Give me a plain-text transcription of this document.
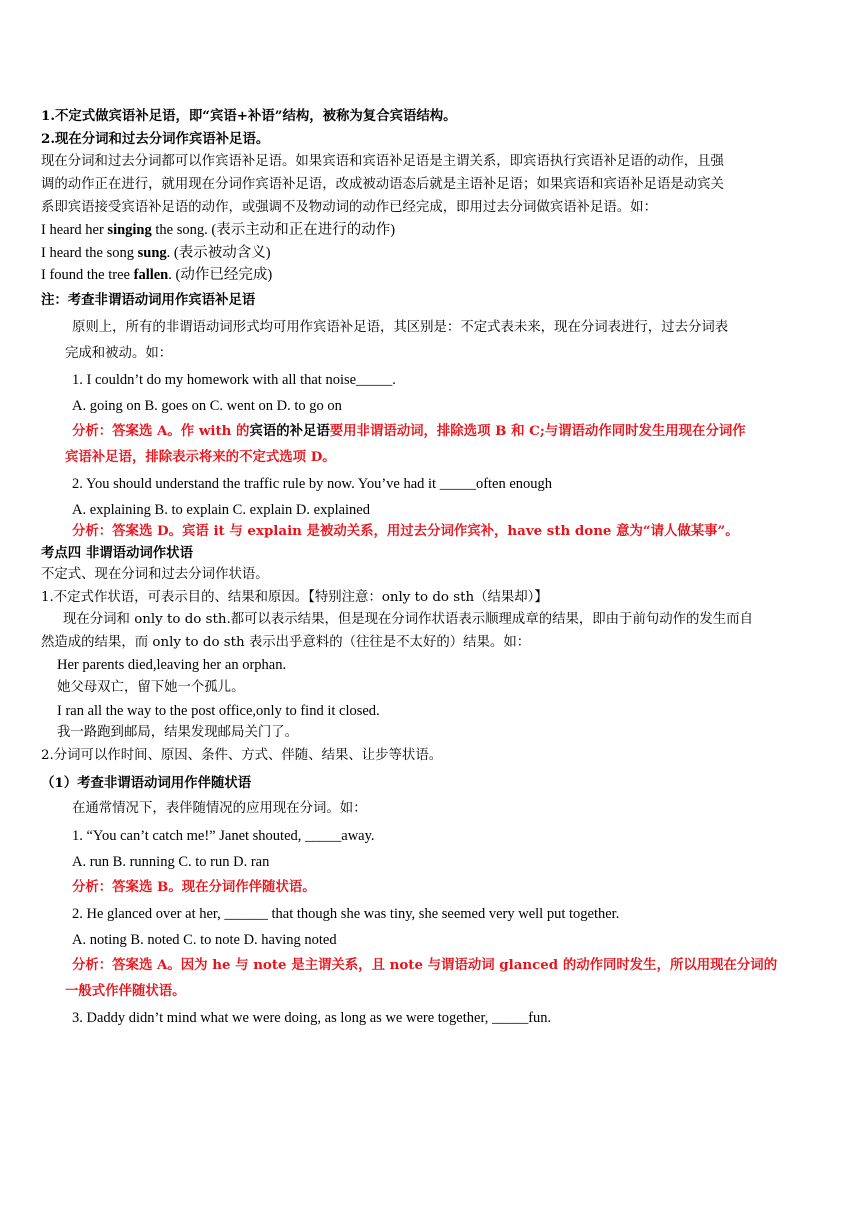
1.不定式做宾语补足语，即“宾语+补语”结构，被称为复合宾语结构。
2.现在分词和过去分词作宾语补足语。
现在分词和过去分词都可以作宾语补足语。如果宾语和宾语补足语是主谓关系，即宾语执行宾语补足语的动作，且强
调的动作正在进行，就用现在分词作宾语补足语，改成被动语态后就是主语补足语；如果宾语和宾语补足语是动宾关
系即宾语接受宾语补足语的动作，或强调不及物动词的动作已经完成，即用过去分词做宾语补足语。如：
I heard her singing the song. (表示主动和正在进行的动作)
I heard the song sung. (表示被动含义)
I found the tree fallen. (动作已经完成)
注：考查非谓语动词用作宾语补足语
原则上，所有的非谓语动词形式均可用作宾语补足语，其区别是：不定式表未来，现在分词表进行，过去分词表
完成和被动。如：
1. I couldn’t do my homework with all that noise_____.
A. going on B. goes on C. went on D. to go on
分析：答案选 A。作 with 的宾语的补足语要用非谓语动词，排除选项 B 和 C;与谓语动作同时发生用现在分词作
宾语补足语，排除表示将来的不定式选项 D。
2. You should understand the traffic rule by now. You’ve had it _____often enough
A. explaining B. to explain C. explain D. explained
分析：答案选 D。宾语 it 与 explain 是被动关系，用过去分词作宾补，have sth done 意为“请人做某事”。
考点四 非谓语动词作状语
不定式、现在分词和过去分词作状语。
1.不定式作状语，可表示目的、结果和原因。【特别注意：only to do sth（结果却）】
现在分词和 only to do sth.都可以表示结果，但是现在分词作状语表示顺理成章的结果，即由于前句动作的发生而自
然造成的结果，而 only to do sth 表示出乎意料的（往往是不太好的）结果。如：
Her parents died,leaving her an orphan.
她父母双亡，留下她一个孤儿。
I ran all the way to the post office,only to find it closed.
我一路跑到邮局，结果发现邮局关门了。
2.分词可以作时间、原因、条件、方式、伴随、结果、让步等状语。
（1）考查非谓语动词用作伴随状语
在通常情况下，表伴随情况的应用现在分词。如：
1. “You can’t catch me!” Janet shouted, _____away.
A. run B. running C. to run D. ran
分析：答案选 B。现在分词作伴随状语。
2. He glanced over at her, ______ that though she was tiny, she seemed very well put together.
A. noting B. noted C. to note D. having noted
分析：答案选 A。因为 he 与 note 是主谓关系，且 note 与谓语动词 glanced 的动作同时发生，所以用现在分词的
一般式作伴随状语。
3. Daddy didn’t mind what we were doing, as long as we were together, _____fun.
